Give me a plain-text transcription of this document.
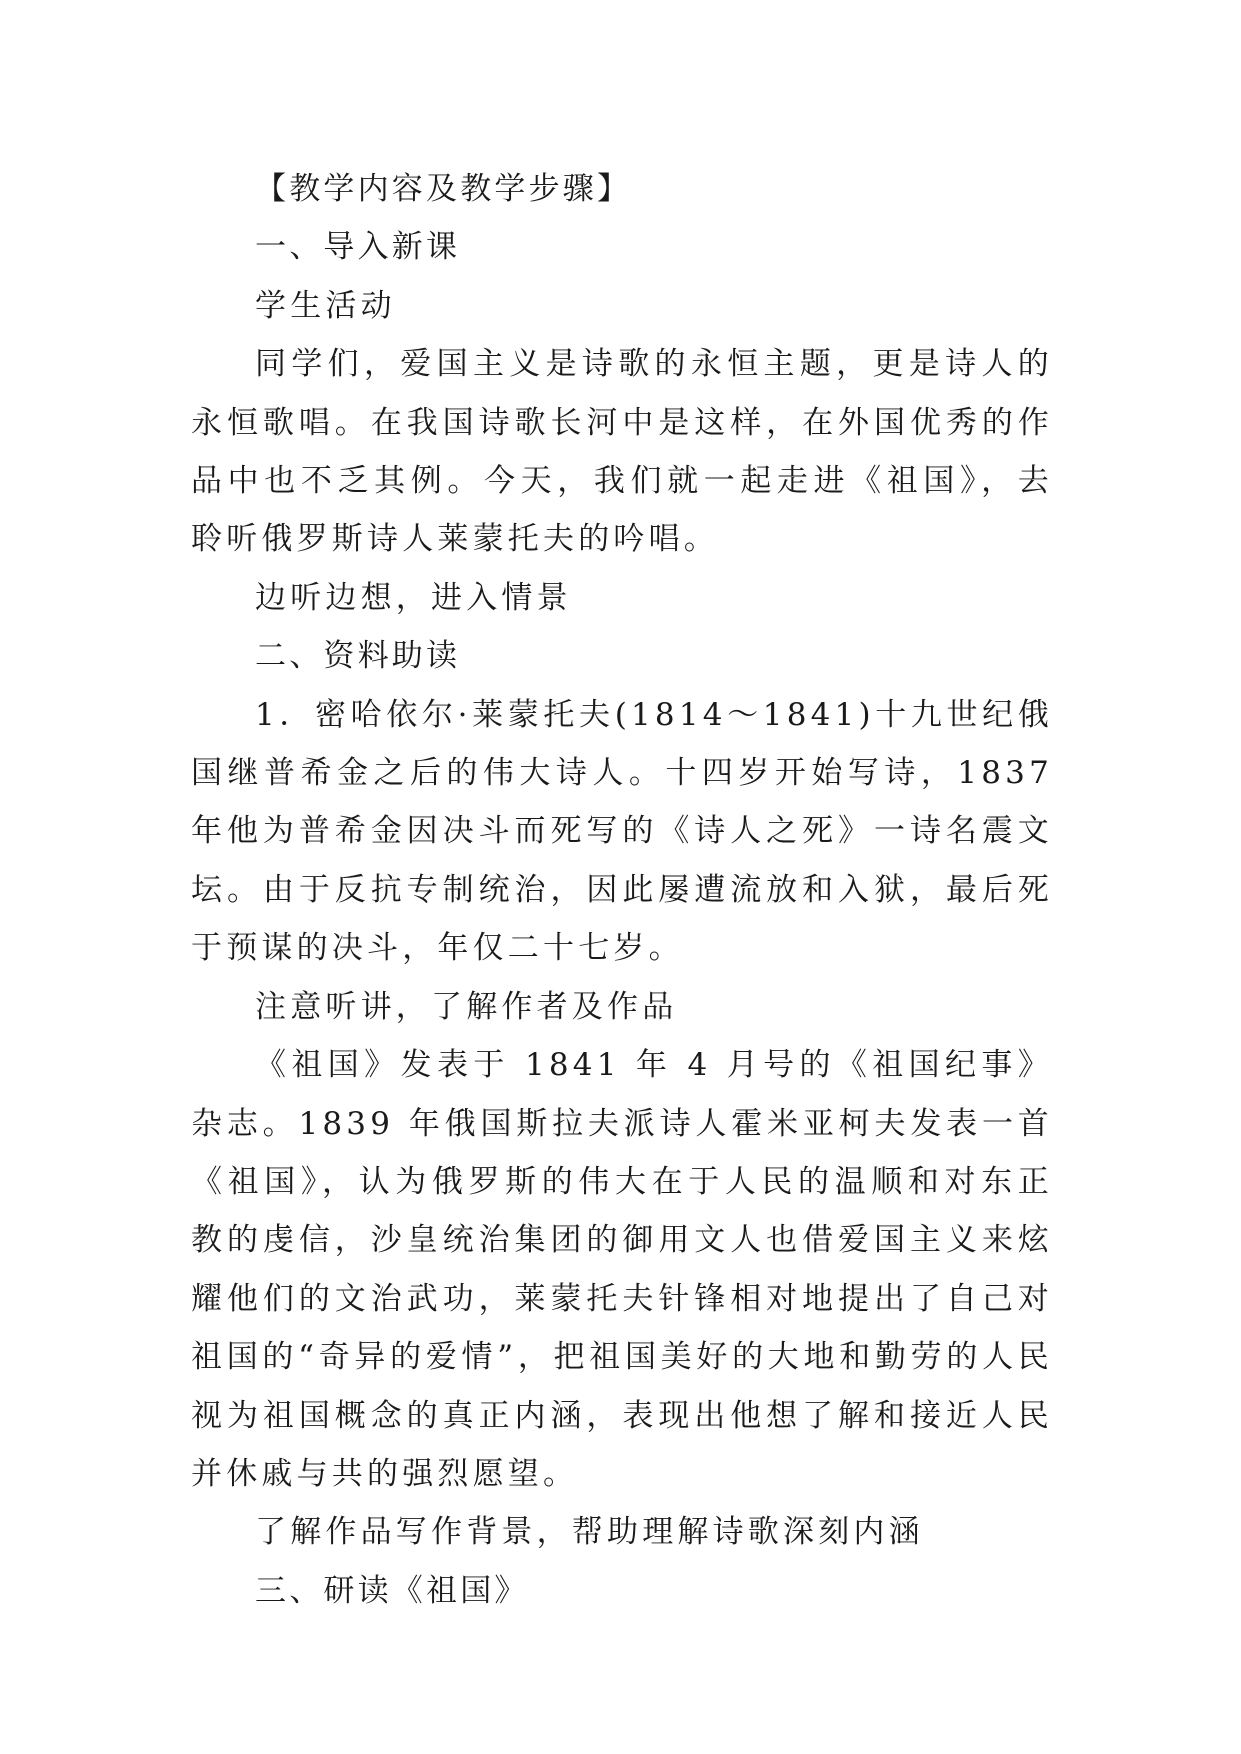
【教学内容及教学步骤】

一、导入新课

学生活动

同学们，爱国主义是诗歌的永恒主题，更是诗人的永恒歌唱。在我国诗歌长河中是这样，在外国优秀的作品中也不乏其例。今天，我们就一起走进《祖国》，去聆听俄罗斯诗人莱蒙托夫的吟唱。

边听边想，进入情景

二、资料助读

1．密哈依尔·莱蒙托夫(1814～1841)十九世纪俄国继普希金之后的伟大诗人。十四岁开始写诗，1837 年他为普希金因决斗而死写的《诗人之死》一诗名震文坛。由于反抗专制统治，因此屡遭流放和入狱，最后死于预谋的决斗，年仅二十七岁。

注意听讲，了解作者及作品

《祖国》发表于 1841 年 4 月号的《祖国纪事》杂志。1839 年俄国斯拉夫派诗人霍米亚柯夫发表一首《祖国》，认为俄罗斯的伟大在于人民的温顺和对东正教的虔信，沙皇统治集团的御用文人也借爱国主义来炫耀他们的文治武功，莱蒙托夫针锋相对地提出了自己对祖国的“奇异的爱情”，把祖国美好的大地和勤劳的人民视为祖国概念的真正内涵，表现出他想了解和接近人民并休戚与共的强烈愿望。

了解作品写作背景，帮助理解诗歌深刻内涵

三、研读《祖国》
